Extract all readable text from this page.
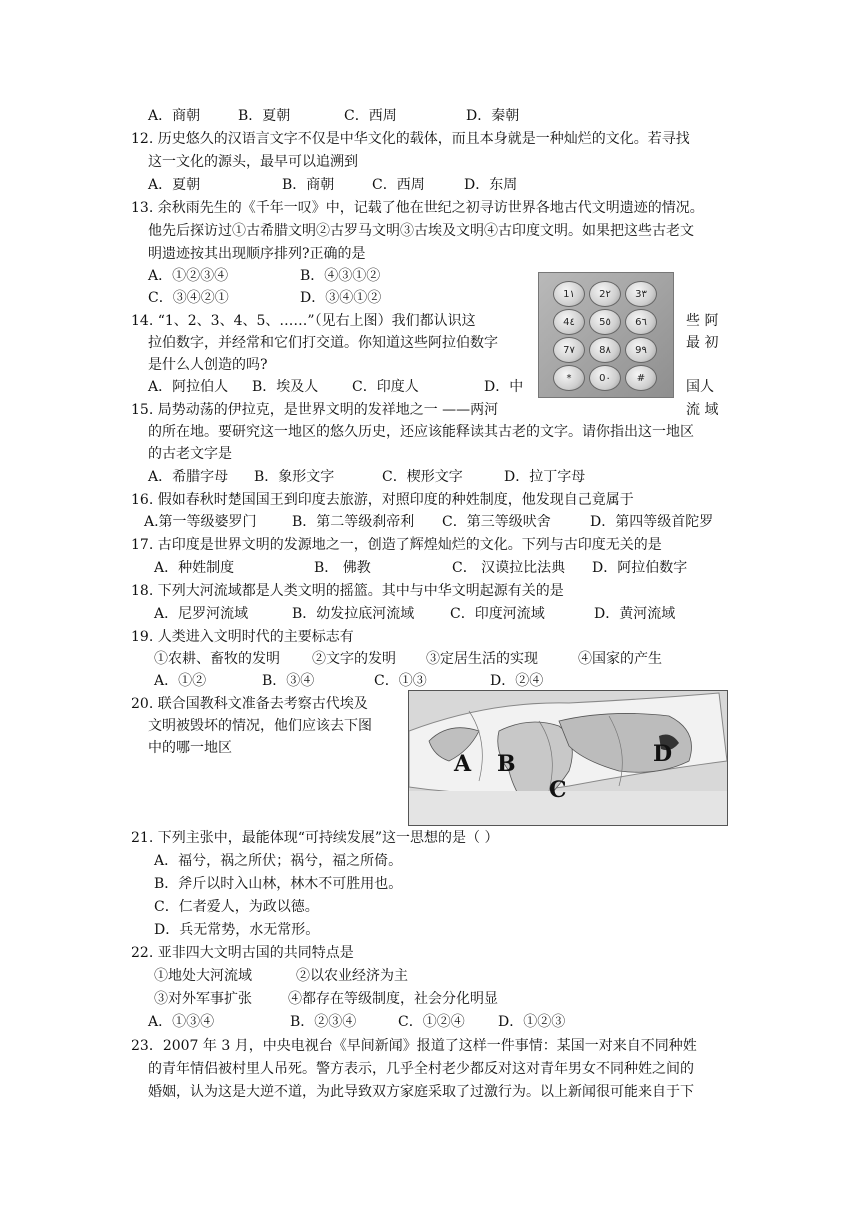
A．商朝	B．夏朝	C．西周	D．秦朝
12. 历史悠久的汉语言文字不仅是中华文化的载体，而且本身就是一种灿烂的文化。若寻找
这一文化的源头，最早可以追溯到
A．夏朝	B．商朝	C．西周	D．东周
13. 余秋雨先生的《千年一叹》中，记载了他在世纪之初寻访世界各地古代文明遗迹的情况。
他先后探访过①古希腊文明②古罗马文明③古埃及文明④古印度文明。如果把这些古老文
明遗迹按其出现顺序排列?正确的是
A．①②③④	B．④③①②
C．③④②①	D．③④①②	1١	2٢	3٣
4٤	5٥	6٦
7٧	8٨	9٩
*	0٠	#
14. “1、2、3、4、5、……”（见右上图）我们都认识这	些 阿
拉伯数字，并经常和它们打交道。你知道这些阿拉伯数字	最 初
是什么人创造的吗?
A．阿拉伯人 B．埃及人 C．印度人	D．中	国人
15. 局势动荡的伊拉克，是世界文明的发祥地之一 ——两河	流 域
的所在地。要研究这一地区的悠久历史，还应该能释读其古老的文字。请你指出这一地区
的古老文字是
A．希腊字母 B．象形文字	C．楔形文字	D．拉丁字母
16. 假如春秋时楚国国王到印度去旅游，对照印度的种姓制度，他发现自己竟属于
A.第一等级婆罗门	B．第二等级刹帝利 C．第三等级吠舍	D．第四等级首陀罗
17. 古印度是世界文明的发源地之一，创造了辉煌灿烂的文化。下列与古印度无关的是
A．种姓制度	B． 佛教	C． 汉谟拉比法典 D．阿拉伯数字
18. 下列大河流域都是人类文明的摇篮。其中与中华文明起源有关的是
A．尼罗河流域	B．幼发拉底河流域	C．印度河流域	D．黄河流域
19. 人类进入文明时代的主要标志有
①农耕、畜牧的发明 ②文字的发明 ③定居生活的实现	④国家的产生
A．①②	B．③④	C．①③	D．②④
20. 联合国教科文准备去考察古代埃及
文明被毁坏的情况，他们应该去下图
中的哪一地区
A B
C
D
21. 下列主张中，最能体现“可持续发展”这一思想的是（ ）
A．福兮，祸之所伏；祸兮，福之所倚。
B．斧斤以时入山林，林木不可胜用也。
C．仁者爱人，为政以德。
D．兵无常势，水无常形。
22. 亚非四大文明古国的共同特点是
①地处大河流域	②以农业经济为主
③对外军事扩张	④都存在等级制度，社会分化明显
A．①③④	B．②③④	C．①②④ D．①②③
23．2007 年 3 月，中央电视台《早间新闻》报道了这样一件事情：某国一对来自不同种姓
的青年情侣被村里人吊死。警方表示，几乎全村老少都反对这对青年男女不同种姓之间的
婚姻，认为这是大逆不道，为此导致双方家庭采取了过激行为。以上新闻很可能来自于下
